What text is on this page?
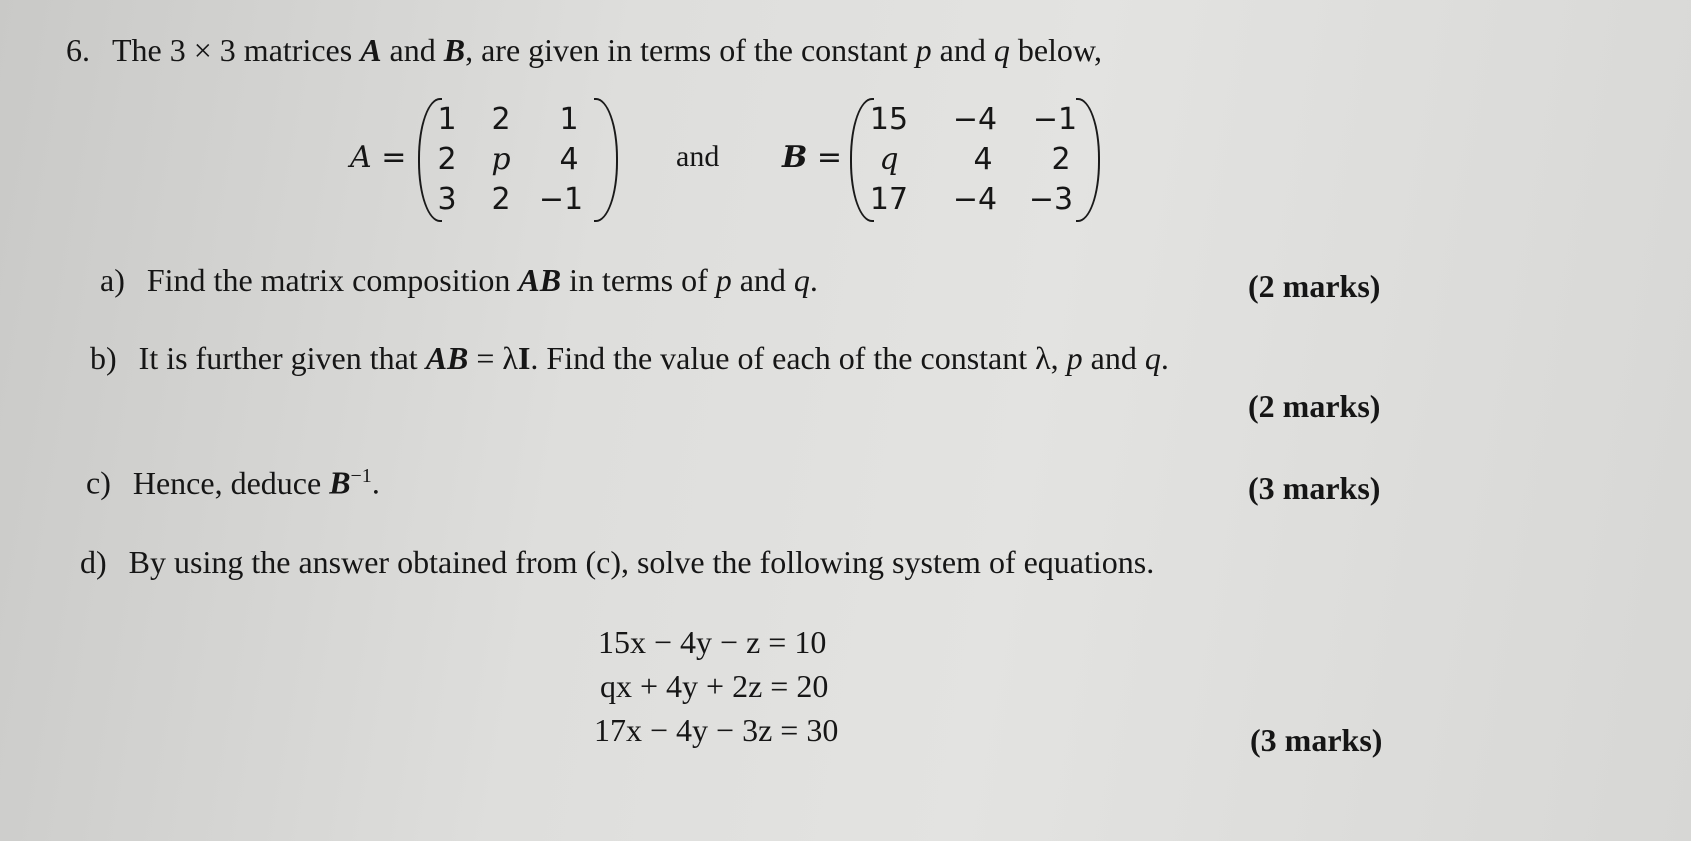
6. The 3 × 3 matrices A and B, are given in terms of the constant p and q below,
A =
1	2	1
2	p	4
3	2 −1
and B =
15	−4	−1
q	4	2
17	−4	−3
a) Find the matrix composition AB in terms of p and q.	(2 marks)
b) It is further given that AB = λI. Find the value of each of the constant λ, p and q.
(2 marks)
c) Hence, deduce $B^{-1}$.	(3 marks)
d) By using the answer obtained from (c), solve the following system of equations.
15x − 4y − z = 10
qx + 4y + 2z = 20
17x − 4y − 3z = 30	(3 marks)
